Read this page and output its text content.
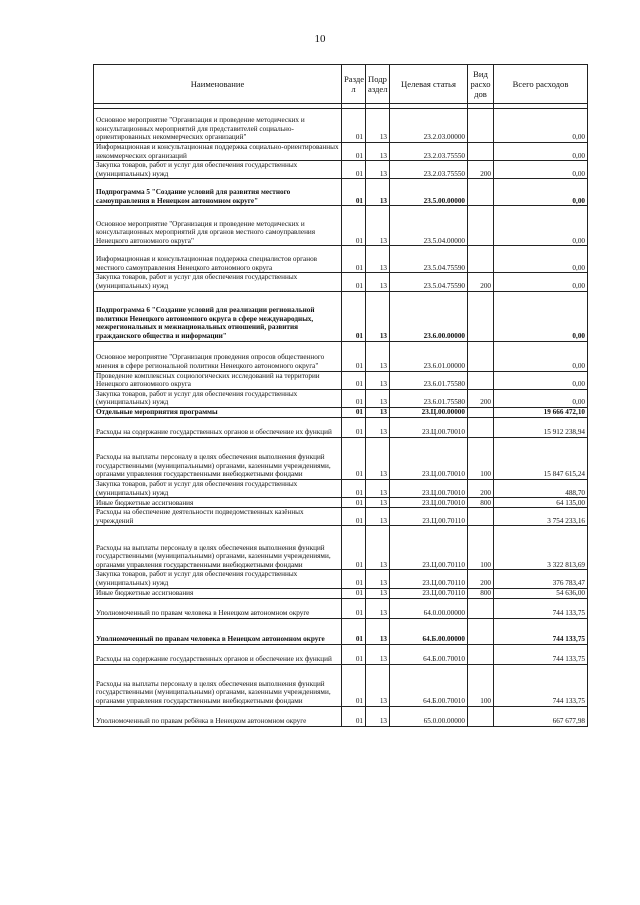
10
Наименование	Разде л	Подр аздел	Целевая статья	Вид расхо дов	Всего расходов

Основное мероприятие "Организация и проведение методических и консультационных мероприятий для представителей социально-ориентированных некоммерческих организаций"	01	13	23.2.03.00000		0,00
Информационная и консультационная поддержка социально-ориентированных некоммерческих организаций	01	13	23.2.03.75550		0,00
Закупка товаров, работ и услуг для обеспечения государственных (муниципальных) нужд	01	13	23.2.03.75550	200	0,00
Подпрограмма 5 "Создание условий для развития местного самоуправления в Ненецком автономном округе"	01	13	23.5.00.00000		0,00
Основное мероприятие "Организация и проведение методических и консультационных мероприятий для органов местного самоуправления Ненецкого автономного округа"	01	13	23.5.04.00000		0,00
Информационная и консультационная поддержка специалистов органов местного самоуправления Ненецкого автономного округа	01	13	23.5.04.75590		0,00
Закупка товаров, работ и услуг для обеспечения государственных (муниципальных) нужд	01	13	23.5.04.75590	200	0,00
Подпрограмма 6 "Создание условий для реализации региональной политики Ненецкого автономного округа в сфере международных, межрегиональных и межнациональных отношений, развития гражданского общества и информации"	01	13	23.6.00.00000		0,00
Основное мероприятие "Организация проведения опросов общественного мнения в сфере региональной политики Ненецкого автономного округа"	01	13	23.6.01.00000		0,00
Проведение комплексных социологических исследований на территории Ненецкого автономного округа	01	13	23.6.01.75580		0,00
Закупка товаров, работ и услуг для обеспечения государственных (муниципальных) нужд	01	13	23.6.01.75580	200	0,00
Отдельные мероприятия программы	01	13	23.Ц.00.00000		19 666 472,10
Расходы на содержание государственных органов и обеспечение их функций	01	13	23.Ц.00.70010		15 912 238,94
Расходы на выплаты персоналу в целях обеспечения выполнения функций государственными (муниципальными) органами, казенными учреждениями, органами управления государственными внебюджетными фондами	01	13	23.Ц.00.70010	100	15 847 615,24
Закупка товаров, работ и услуг для обеспечения государственных (муниципальных) нужд	01	13	23.Ц.00.70010	200	488,70
Иные бюджетные ассигнования	01	13	23.Ц.00.70010	800	64 135,00
Расходы на обеспечение деятельности подведомственных казённых учреждений	01	13	23.Ц.00.70110		3 754 233,16
Расходы на выплаты персоналу в целях обеспечения выполнения функций государственными (муниципальными) органами, казенными учреждениями, органами управления государственными внебюджетными фондами	01	13	23.Ц.00.70110	100	3 322 813,69
Закупка товаров, работ и услуг для обеспечения государственных (муниципальных) нужд	01	13	23.Ц.00.70110	200	376 783,47
Иные бюджетные ассигнования	01	13	23.Ц.00.70110	800	54 636,00
Уполномоченный по правам человека в Ненецком автономном округе	01	13	64.0.00.00000		744 133,75
Уполномоченный по правам человека в Ненецком автономном округе	01	13	64.Б.00.00000		744 133,75
Расходы на содержание государственных органов и обеспечение их функций	01	13	64.Б.00.70010		744 133,75
Расходы на выплаты персоналу в целях обеспечения выполнения функций государственными (муниципальными) органами, казенными учреждениями, органами управления государственными внебюджетными фондами	01	13	64.Б.00.70010	100	744 133,75
Уполномоченный по правам ребёнка в Ненецком автономном округе	01	13	65.0.00.00000		667 677,98
